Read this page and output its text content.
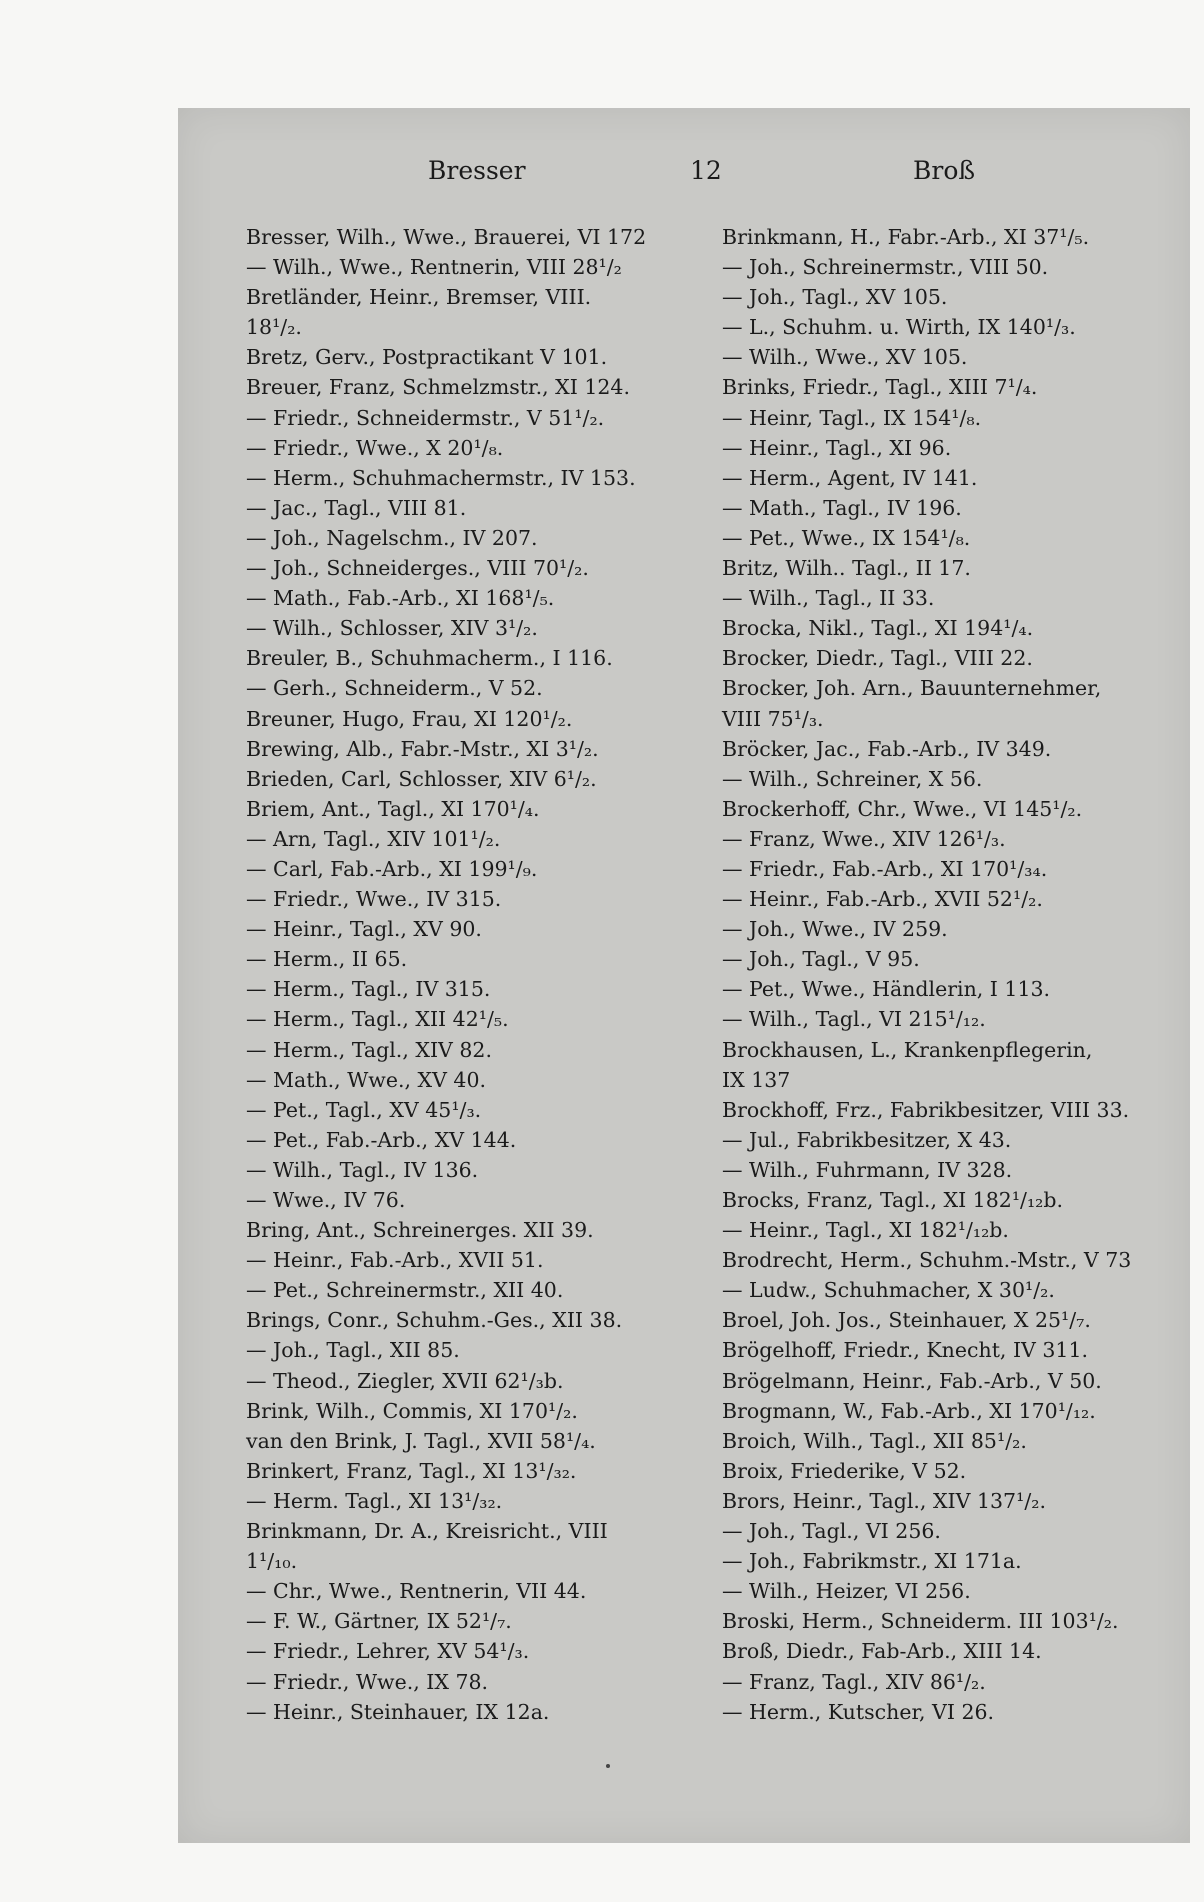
Bresser	12	Broß
Bresser, Wilh., Wwe., Brauerei, VI 172
— Wilh., Wwe., Rentnerin, VIII 28¹/₂
Bretländer, Heinr., Bremser, VIII.
18¹/₂.
Bretz, Gerv., Postpractikant V 101.
Breuer, Franz, Schmelzmstr., XI 124.
— Friedr., Schneidermstr., V 51¹/₂.
— Friedr., Wwe., X 20¹/₈.
— Herm., Schuhmachermstr., IV 153.
— Jac., Tagl., VIII 81.
— Joh., Nagelschm., IV 207.
— Joh., Schneiderges., VIII 70¹/₂.
— Math., Fab.-Arb., XI 168¹/₅.
— Wilh., Schlosser, XIV 3¹/₂.
Breuler, B., Schuhmacherm., I 116.
— Gerh., Schneiderm., V 52.
Breuner, Hugo, Frau, XI 120¹/₂.
Brewing, Alb., Fabr.-Mstr., XI 3¹/₂.
Brieden, Carl, Schlosser, XIV 6¹/₂.
Briem, Ant., Tagl., XI 170¹/₄.
— Arn, Tagl., XIV 101¹/₂.
— Carl, Fab.-Arb., XI 199¹/₉.
— Friedr., Wwe., IV 315.
— Heinr., Tagl., XV 90.
— Herm., II 65.
— Herm., Tagl., IV 315.
— Herm., Tagl., XII 42¹/₅.
— Herm., Tagl., XIV 82.
— Math., Wwe., XV 40.
— Pet., Tagl., XV 45¹/₃.
— Pet., Fab.-Arb., XV 144.
— Wilh., Tagl., IV 136.
— Wwe., IV 76.
Bring, Ant., Schreinerges. XII 39.
— Heinr., Fab.-Arb., XVII 51.
— Pet., Schreinermstr., XII 40.
Brings, Conr., Schuhm.-Ges., XII 38.
— Joh., Tagl., XII 85.
— Theod., Ziegler, XVII 62¹/₃b.
Brink, Wilh., Commis, XI 170¹/₂.
van den Brink, J. Tagl., XVII 58¹/₄.
Brinkert, Franz, Tagl., XI 13¹/₃₂.
— Herm. Tagl., XI 13¹/₃₂.
Brinkmann, Dr. A., Kreisricht., VIII
1¹/₁₀.
— Chr., Wwe., Rentnerin, VII 44.
— F. W., Gärtner, IX 52¹/₇.
— Friedr., Lehrer, XV 54¹/₃.
— Friedr., Wwe., IX 78.
— Heinr., Steinhauer, IX 12a.
Brinkmann, H., Fabr.-Arb., XI 37¹/₅.
— Joh., Schreinermstr., VIII 50.
— Joh., Tagl., XV 105.
— L., Schuhm. u. Wirth, IX 140¹/₃.
— Wilh., Wwe., XV 105.
Brinks, Friedr., Tagl., XIII 7¹/₄.
— Heinr, Tagl., IX 154¹/₈.
— Heinr., Tagl., XI 96.
— Herm., Agent, IV 141.
— Math., Tagl., IV 196.
— Pet., Wwe., IX 154¹/₈.
Britz, Wilh.. Tagl., II 17.
— Wilh., Tagl., II 33.
Brocka, Nikl., Tagl., XI 194¹/₄.
Brocker, Diedr., Tagl., VIII 22.
Brocker, Joh. Arn., Bauunternehmer,
VIII 75¹/₃.
Bröcker, Jac., Fab.-Arb., IV 349.
— Wilh., Schreiner, X 56.
Brockerhoff, Chr., Wwe., VI 145¹/₂.
— Franz, Wwe., XIV 126¹/₃.
— Friedr., Fab.-Arb., XI 170¹/₃₄.
— Heinr., Fab.-Arb., XVII 52¹/₂.
— Joh., Wwe., IV 259.
— Joh., Tagl., V 95.
— Pet., Wwe., Händlerin, I 113.
— Wilh., Tagl., VI 215¹/₁₂.
Brockhausen, L., Krankenpflegerin,
IX 137
Brockhoff, Frz., Fabrikbesitzer, VIII 33.
— Jul., Fabrikbesitzer, X 43.
— Wilh., Fuhrmann, IV 328.
Brocks, Franz, Tagl., XI 182¹/₁₂b.
— Heinr., Tagl., XI 182¹/₁₂b.
Brodrecht, Herm., Schuhm.-Mstr., V 73
— Ludw., Schuhmacher, X 30¹/₂.
Broel, Joh. Jos., Steinhauer, X 25¹/₇.
Brögelhoff, Friedr., Knecht, IV 311.
Brögelmann, Heinr., Fab.-Arb., V 50.
Brogmann, W., Fab.-Arb., XI 170¹/₁₂.
Broich, Wilh., Tagl., XII 85¹/₂.
Broix, Friederike, V 52.
Brors, Heinr., Tagl., XIV 137¹/₂.
— Joh., Tagl., VI 256.
— Joh., Fabrikmstr., XI 171a.
— Wilh., Heizer, VI 256.
Broski, Herm., Schneiderm. III 103¹/₂.
Broß, Diedr., Fab-Arb., XIII 14.
— Franz, Tagl., XIV 86¹/₂.
— Herm., Kutscher, VI 26.
